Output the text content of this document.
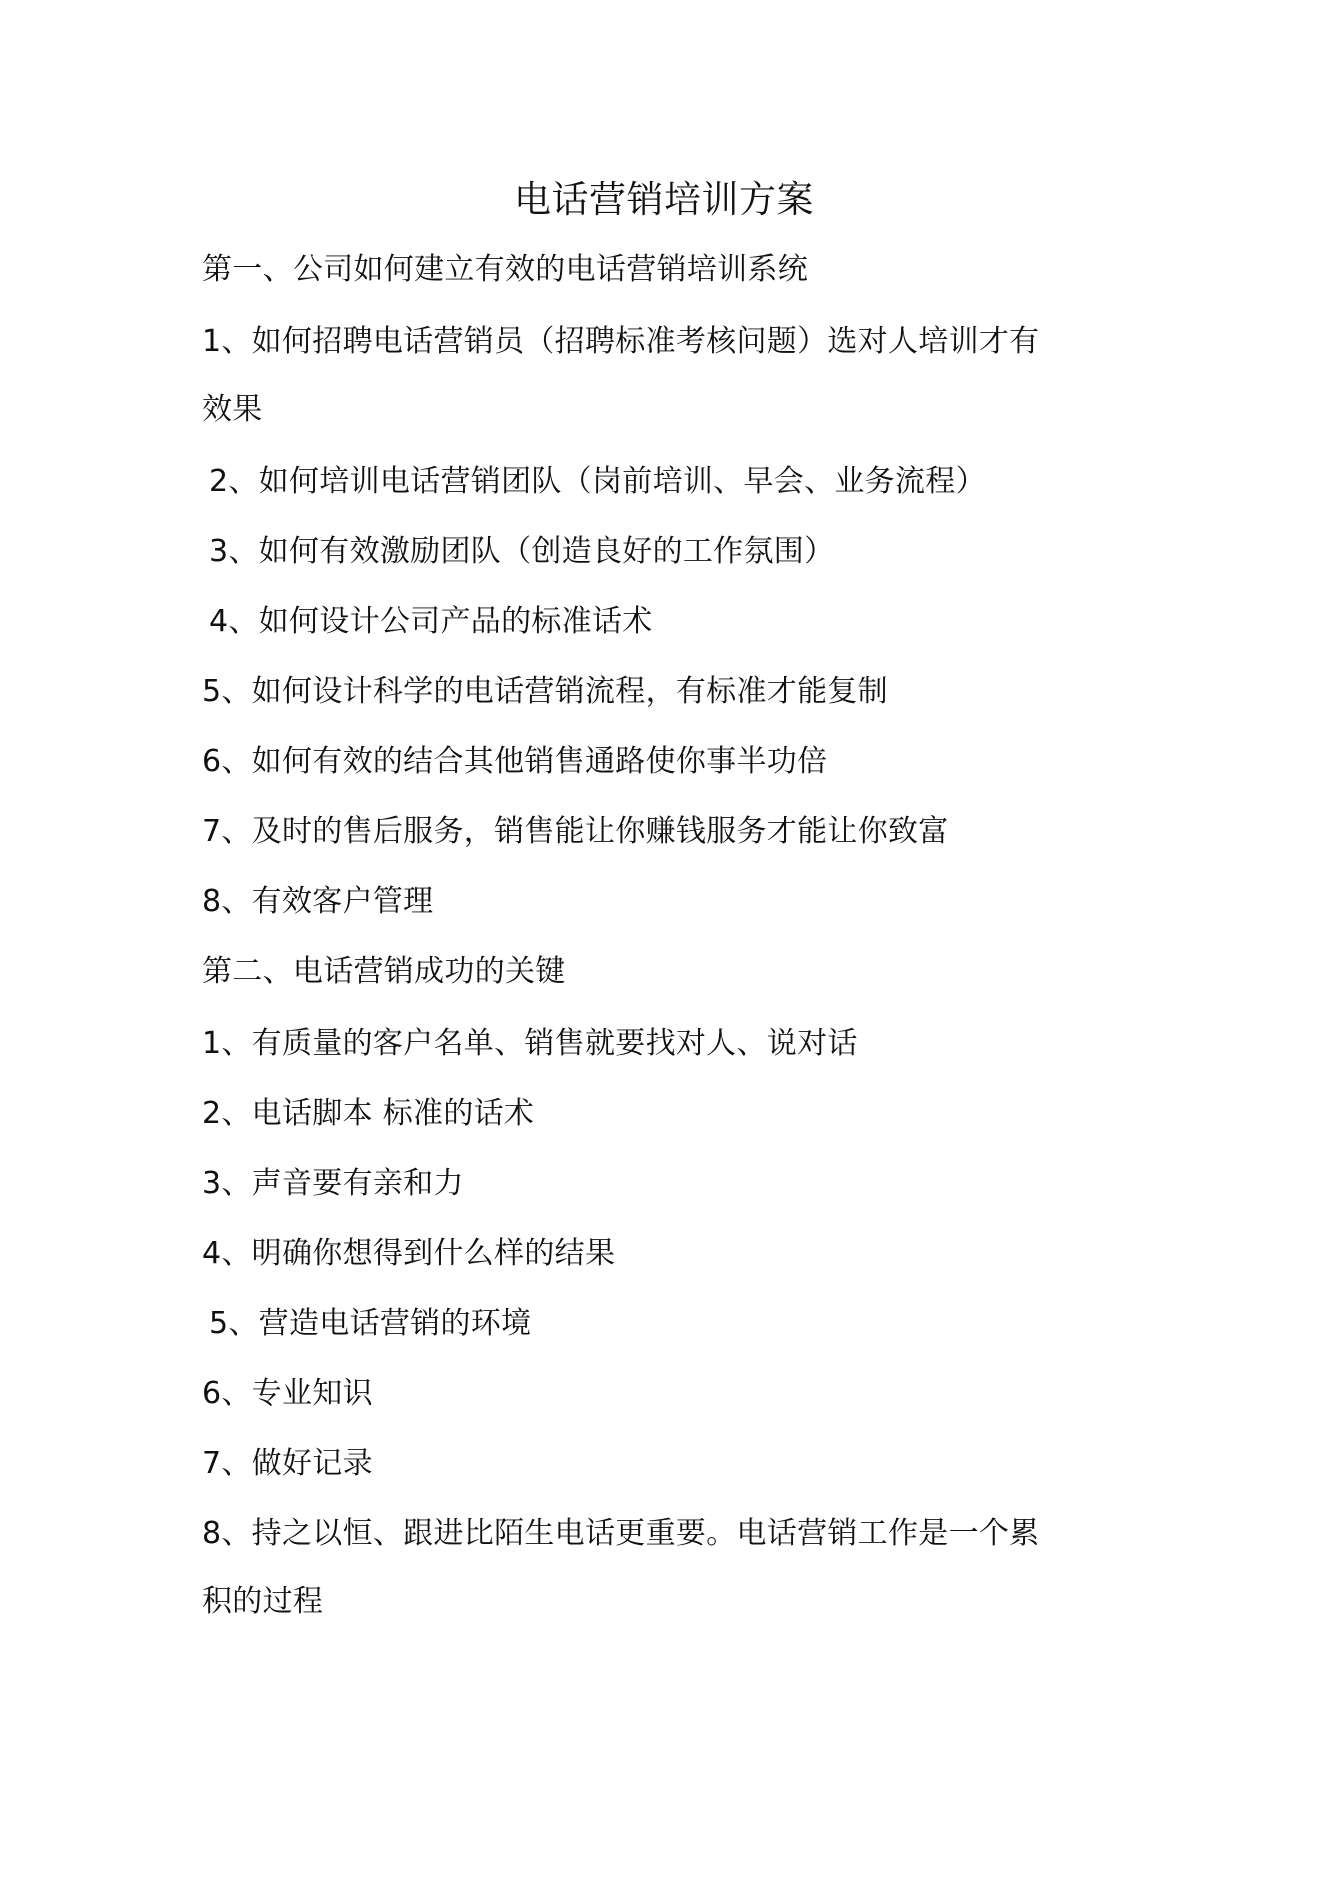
电话营销培训方案
第一、公司如何建立有效的电话营销培训系统
1、如何招聘电话营销员（招聘标准考核问题）选对人培训才有
效果
2、如何培训电话营销团队（岗前培训、早会、业务流程）
3、如何有效激励团队（创造良好的工作氛围）
4、如何设计公司产品的标准话术
5、如何设计科学的电话营销流程，有标准才能复制
6、如何有效的结合其他销售通路使你事半功倍
7、及时的售后服务，销售能让你赚钱服务才能让你致富
8、有效客户管理
第二、电话营销成功的关键
1、有质量的客户名单、销售就要找对人、说对话
2、电话脚本 标准的话术
3、声音要有亲和力
4、明确你想得到什么样的结果
5、营造电话营销的环境
6、专业知识
7、做好记录
8、持之以恒、跟进比陌生电话更重要。电话营销工作是一个累
积的过程
